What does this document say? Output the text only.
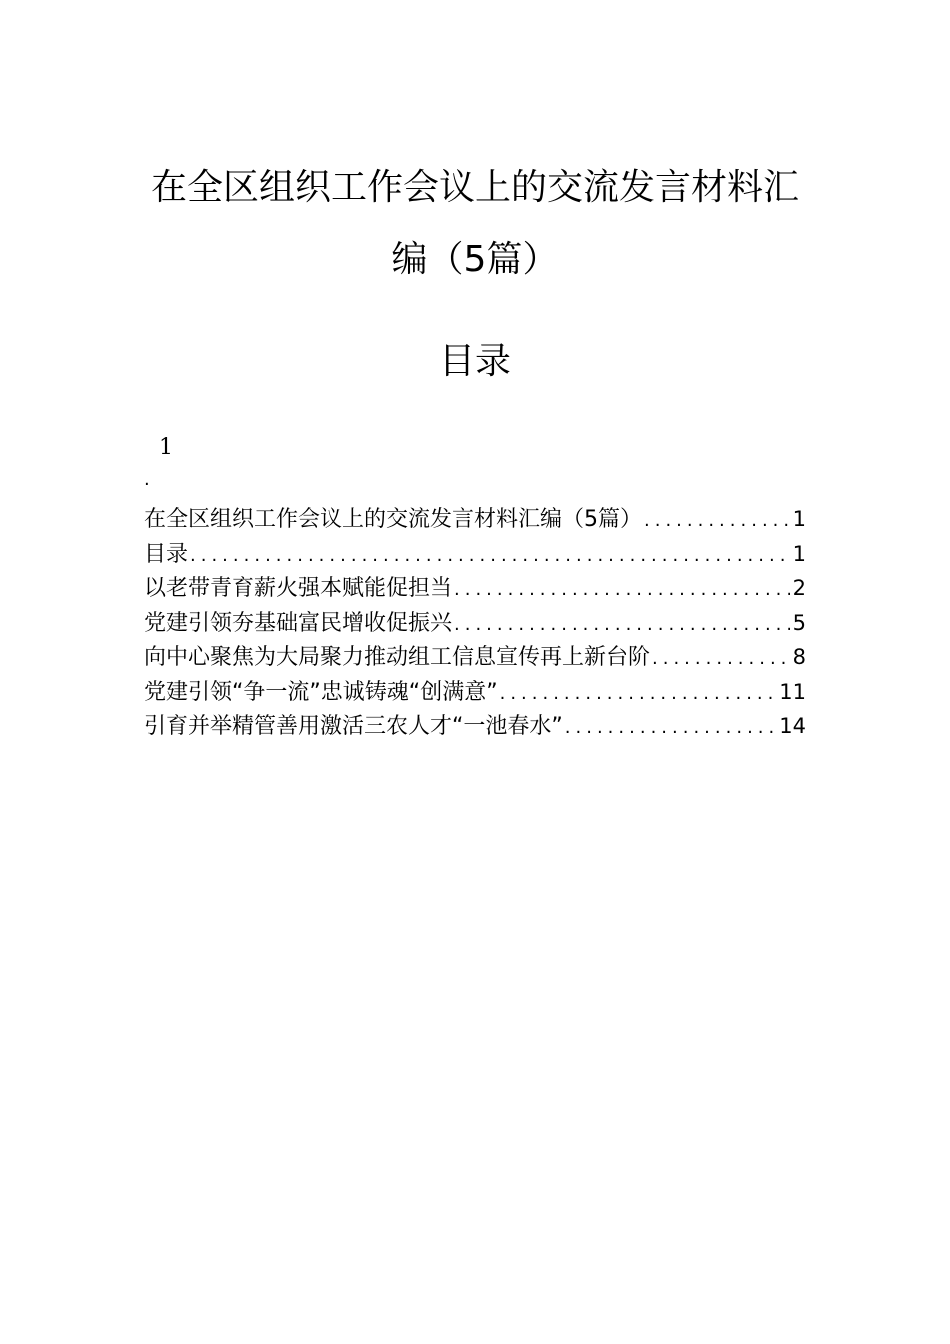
在全区组织工作会议上的交流发言材料汇
编（5篇）
目录
1
.
在全区组织工作会议上的交流发言材料汇编（5篇） .....	1
目录 .....	1
以老带青育薪火强本赋能促担当 .....	2
党建引领夯基础富民增收促振兴 .....	5
向中心聚焦为大局聚力推动组工信息宣传再上新台阶 .....	8
党建引领“争一流”忠诚铸魂“创满意” .....	11
引育并举精管善用激活三农人才“一池春水” .....	14
